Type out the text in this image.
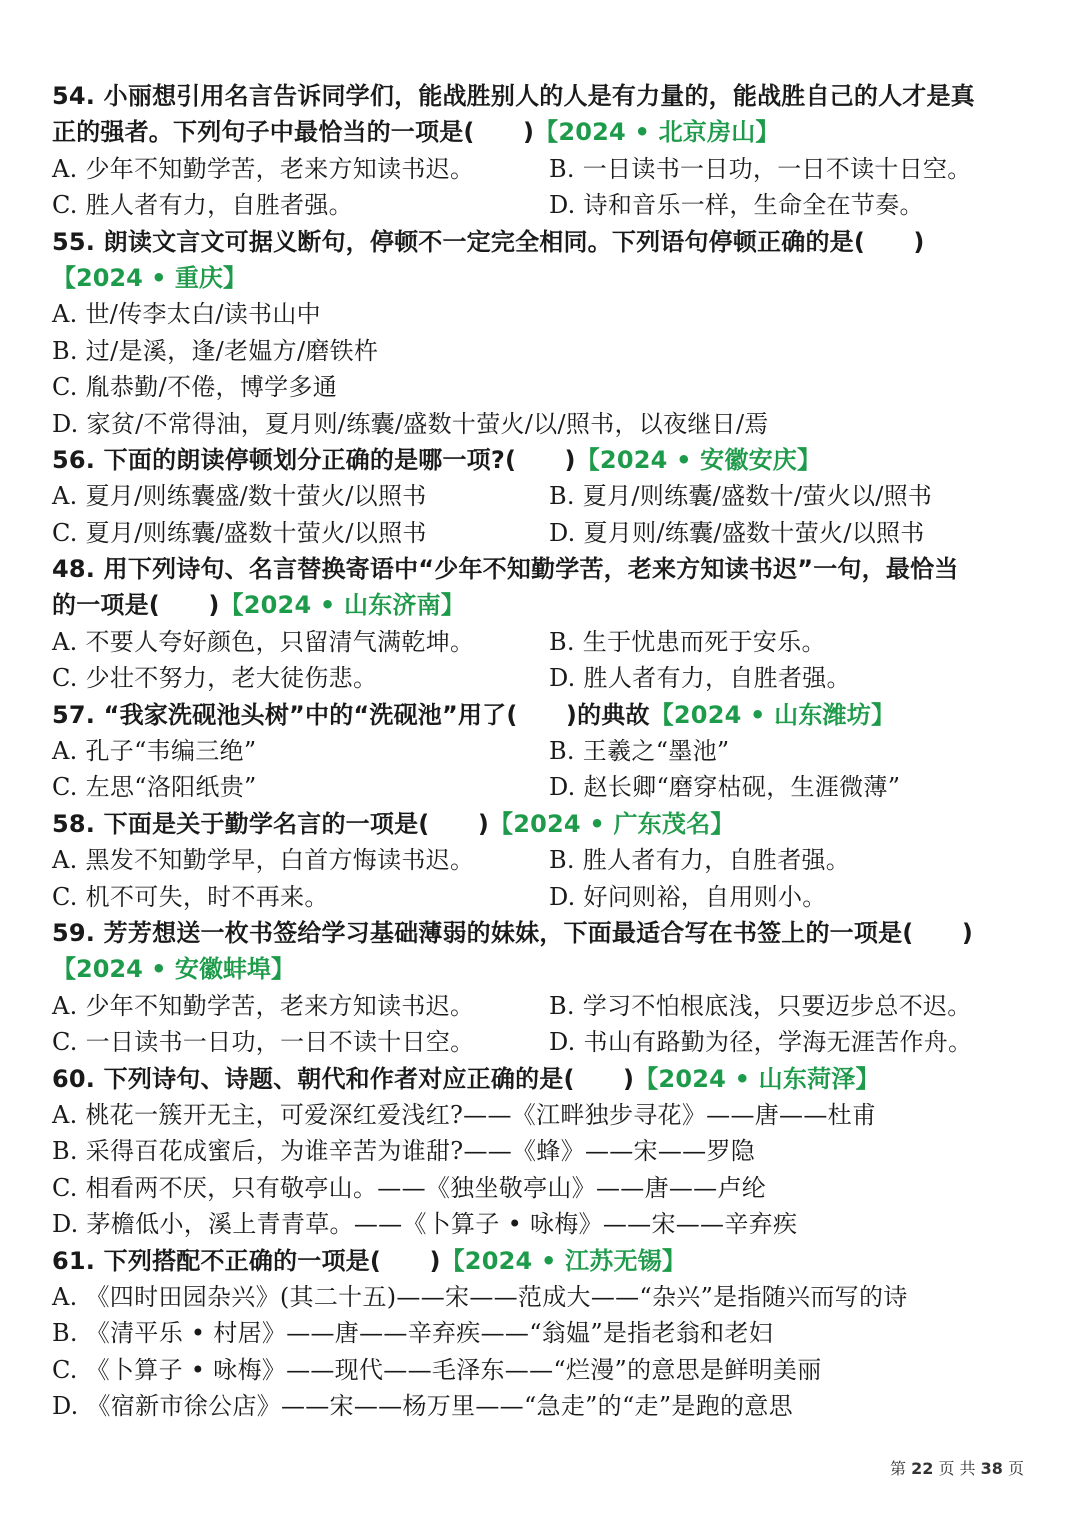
54. 小丽想引用名言告诉同学们，能战胜别人的人是有力量的，能战胜自己的人才是真
正的强者。下列句子中最恰当的一项是(　　)【2024 • 北京房山】
A. 少年不知勤学苦，老来方知读书迟。	B. 一日读书一日功，一日不读十日空。
C. 胜人者有力，自胜者强。	D. 诗和音乐一样，生命全在节奏。
55. 朗读文言文可据义断句，停顿不一定完全相同。下列语句停顿正确的是(　　)
【2024 • 重庆】
A. 世/传李太白/读书山中
B. 过/是溪，逢/老媪方/磨铁杵
C. 胤恭勤/不倦，博学多通
D. 家贫/不常得油，夏月则/练囊/盛数十萤火/以/照书，以夜继日/焉
56. 下面的朗读停顿划分正确的是哪一项?(　　)【2024 • 安徽安庆】
A. 夏月/则练囊盛/数十萤火/以照书	B. 夏月/则练囊/盛数十/萤火以/照书
C. 夏月/则练囊/盛数十萤火/以照书	D. 夏月则/练囊/盛数十萤火/以照书
48. 用下列诗句、名言替换寄语中“少年不知勤学苦，老来方知读书迟”一句，最恰当
的一项是(　　)【2024 • 山东济南】
A. 不要人夸好颜色，只留清气满乾坤。	B. 生于忧患而死于安乐。
C. 少壮不努力，老大徒伤悲。	D. 胜人者有力，自胜者强。
57. “我家洗砚池头树”中的“洗砚池”用了(　　)的典故【2024 • 山东潍坊】
A. 孔子“韦编三绝”	B. 王羲之“墨池”
C. 左思“洛阳纸贵”	D. 赵长卿“磨穿枯砚，生涯微薄”
58. 下面是关于勤学名言的一项是(　　)【2024 • 广东茂名】
A. 黑发不知勤学早，白首方悔读书迟。	B. 胜人者有力，自胜者强。
C. 机不可失，时不再来。	D. 好问则裕，自用则小。
59. 芳芳想送一枚书签给学习基础薄弱的妹妹，下面最适合写在书签上的一项是(　　)
【2024 • 安徽蚌埠】
A. 少年不知勤学苦，老来方知读书迟。	B. 学习不怕根底浅，只要迈步总不迟。
C. 一日读书一日功，一日不读十日空。	D. 书山有路勤为径，学海无涯苦作舟。
60. 下列诗句、诗题、朝代和作者对应正确的是(　　)【2024 • 山东菏泽】
A. 桃花一簇开无主，可爱深红爱浅红?——《江畔独步寻花》——唐——杜甫
B. 采得百花成蜜后，为谁辛苦为谁甜?——《蜂》——宋——罗隐
C. 相看两不厌，只有敬亭山。——《独坐敬亭山》——唐——卢纶
D. 茅檐低小，溪上青青草。——《卜算子 • 咏梅》——宋——辛弃疾
61. 下列搭配不正确的一项是(　　)【2024 • 江苏无锡】
A. 《四时田园杂兴》(其二十五)——宋——范成大——“杂兴”是指随兴而写的诗
B. 《清平乐 • 村居》——唐——辛弃疾——“翁媪”是指老翁和老妇
C. 《卜算子 • 咏梅》——现代——毛泽东——“烂漫”的意思是鲜明美丽
D. 《宿新市徐公店》——宋——杨万里——“急走”的“走”是跑的意思
第 22 页 共 38 页
